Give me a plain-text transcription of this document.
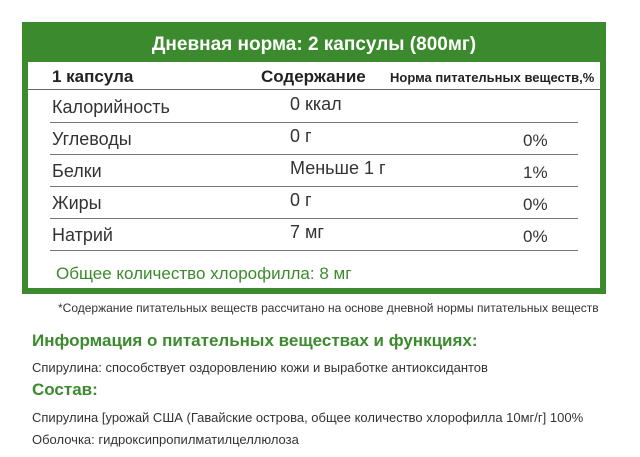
Дневная норма: 2 капсулы (800мг)
1 капсула	Содержание Норма питательных веществ,%
Калорийность	0 ккал
Углеводы	0 г	0%
Белки	Меньше 1 г	1%
Жиры	0 г	0%
Натрий	7 мг	0%
Общее количество хлорофилла: 8 мг
*Содержание питательных веществ рассчитано на основе дневной нормы питательных веществ
Информация о питательных веществах и функциях:
Спирулина: способствует оздоровлению кожи и выработке антиоксидантов
Состав:
Спирулина [урожай США (Гавайские острова, общее количество хлорофилла 10мг/г] 100%
Оболочка: гидроксипропилматилцеллюлоза
